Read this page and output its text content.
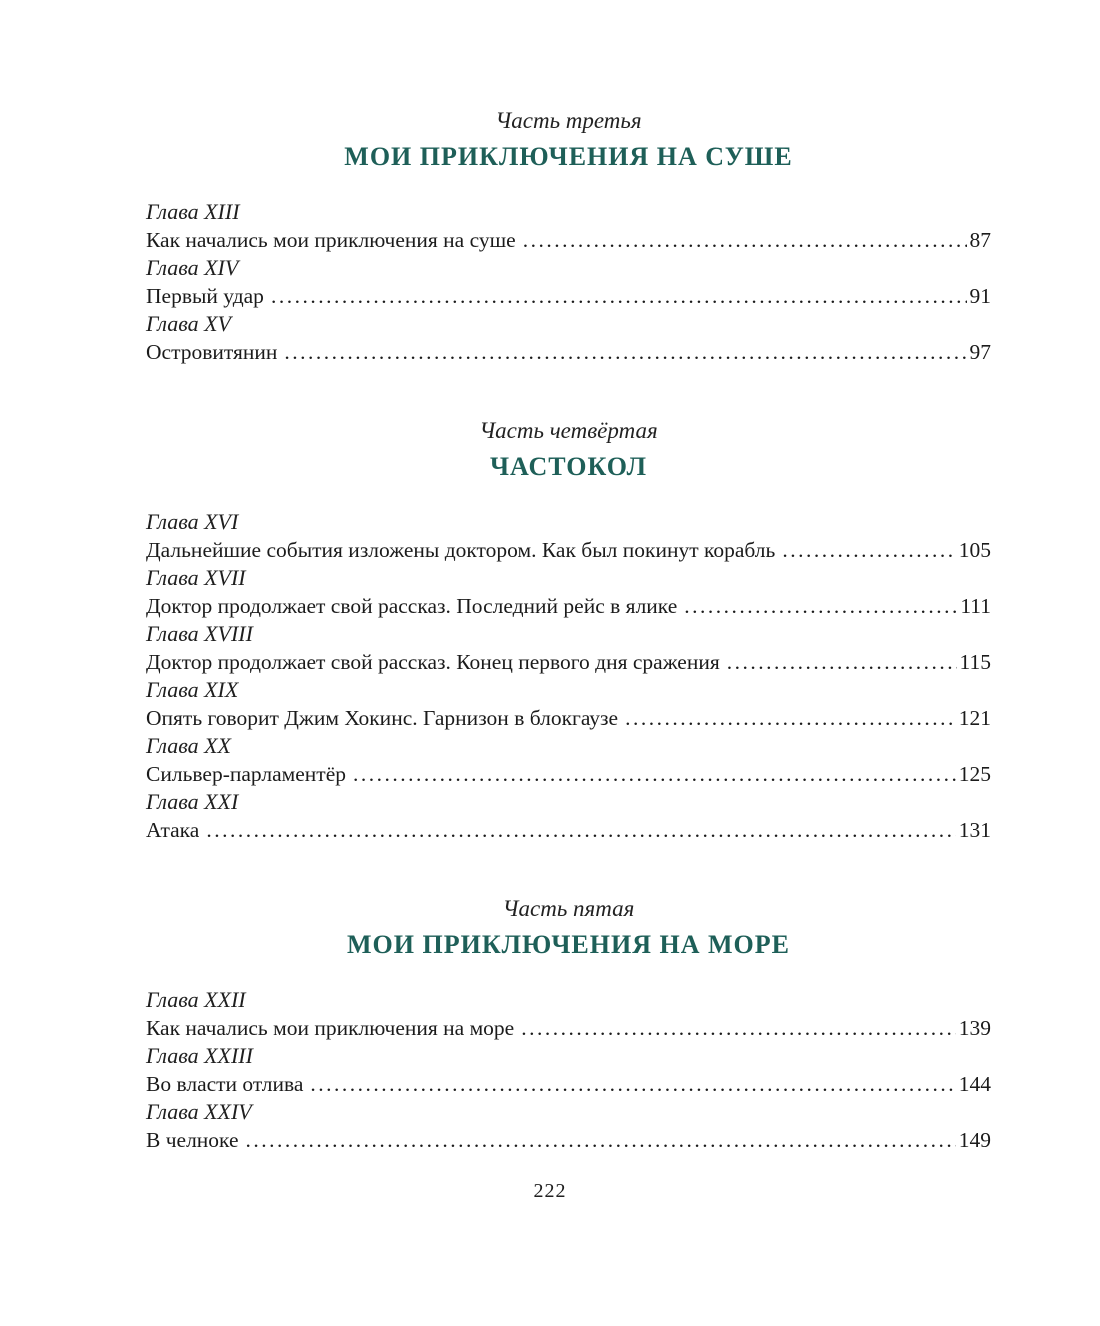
Часть третья
МОИ ПРИКЛЮЧЕНИЯ НА СУШЕ
Глава XIII
Как начались мои приключения на суше .....	87
Глава XIV
Первый удар .....	91
Глава XV
Островитянин .....	97
Часть четвёртая
ЧАСТОКОЛ
Глава XVI
Дальнейшие события изложены доктором. Как был покинут корабль .....	105
Глава XVII
Доктор продолжает свой рассказ. Последний рейс в ялике .....	111
Глава XVIII
Доктор продолжает свой рассказ. Конец первого дня сражения .....	115
Глава XIX
Опять говорит Джим Хокинс. Гарнизон в блокгаузе .....	121
Глава XX
Сильвер-парламентёр .....	125
Глава XXI
Атака .....	131
Часть пятая
МОИ ПРИКЛЮЧЕНИЯ НА МОРЕ
Глава XXII
Как начались мои приключения на море .....	139
Глава XXIII
Во власти отлива .....	144
Глава XXIV
В челноке .....	149
222
